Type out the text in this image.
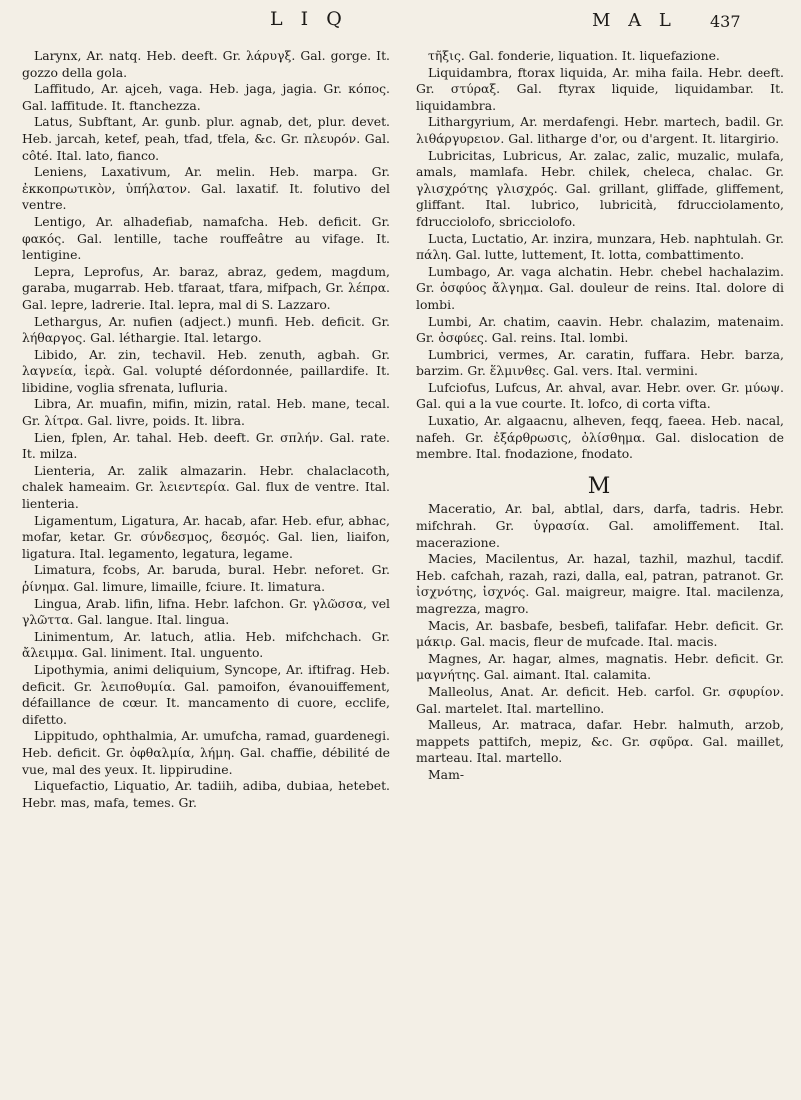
L I Q	M A L 437

Larynx, Ar. natq. Heb. deeft. Gr. λάρυγξ. Gal. gorge. It. gozzo della gola.

Laffitudo, Ar. ajceh, vaga. Heb. jaga, jagia. Gr. κόπος. Gal. laffitude. It. ftanchezza.

Latus, Subftant, Ar. gunb. plur. agnab, det, plur. devet. Heb. jarcah, ketef, peah, tfad, tfela, &c. Gr. πλευρόν. Gal. côté. Ital. lato, fianco.

Leniens, Laxativum, Ar. melin. Heb. marpa. Gr. ἐκκοπρωτικὸν, ὑπήλατον. Gal. laxatif. It. folutivo del ventre.

Lentigo, Ar. alhadefiab, namafcha. Heb. deficit. Gr. φακός. Gal. lentille, tache rouffeâtre au vifage. It. lentigine.

Lepra, Leprofus, Ar. baraz, abraz, gedem, magdum, garaba, mugarrab. Heb. tfaraat, tfara, mifpach, Gr. λέπρα. Gal. lepre, ladrerie. Ital. lepra, mal di S. Lazzaro.

Lethargus, Ar. nufien (adject.) munfi. Heb. deficit. Gr. λήθαργος. Gal. léthargie. Ital. letargo.

Libido, Ar. zin, techavil. Heb. zenuth, agbah. Gr. λαγνεία, ἱερὰ. Gal. volupté déſordonnée, paillardife. It. libidine, voglia sfrenata, lufluria.

Libra, Ar. muafin, mifin, mizin, ratal. Heb. mane, tecal. Gr. λίτρα. Gal. livre, poids. It. libra.

Lien, fplen, Ar. tahal. Heb. deeft. Gr. σπλήν. Gal. rate. It. milza.

Lienteria, Ar. zalik almazarin. Hebr. chalaclacoth, chalek hameaim. Gr. λειεντερία. Gal. flux de ventre. Ital. lienteria.

Ligamentum, Ligatura, Ar. hacab, afar. Heb. efur, abhac, mofar, ketar. Gr. σύνδεσμος, δεσμός. Gal. lien, liaifon, ligatura. Ital. legamento, legatura, legame.

Limatura, fcobs, Ar. baruda, bural. Hebr. neforet. Gr. ῥίνημα. Gal. limure, limaille, fciure. It. limatura.

Lingua, Arab. lifin, lifna. Hebr. lafchon. Gr. γλῶσσα, vel γλῶττα. Gal. langue. Ital. lingua.

Linimentum, Ar. latuch, atlia. Heb. mifchchach. Gr. ἄλειμμα. Gal. liniment. Ital. unguento.

Lipothymia, animi deliquium, Syncope, Ar. iftifrag. Heb. deficit. Gr. λειποθυμία. Gal. pamoifon, évanouiffement, défaillance de cœur. It. mancamento di cuore, ecclife, difetto.

Lippitudo, ophthalmia, Ar. umufcha, ramad, guardenegi. Heb. deficit. Gr. ὀφθαλμία, λήμη. Gal. chaffie, débilité de vue, mal des yeux. It. lippirudine.

Liquefactio, Liquatio, Ar. tadiih, adiba, dubiaa, hetebet. Hebr. mas, mafa, temes. Gr.

τῆξις. Gal. fonderie, liquation. It. liquefazione.

Liquidambra, ftorax liquida, Ar. miha faila. Hebr. deeft. Gr. στύραξ. Gal. ftyrax liquide, liquidambar. It. liquidambra.

Lithargyrium, Ar. merdafengi. Hebr. martech, badil. Gr. λιθάργυρειον. Gal. litharge d'or, ou d'argent. It. litargirio.

Lubricitas, Lubricus, Ar. zalac, zalic, muzalic, mulafa, amals, mamlafa. Hebr. chilek, cheleca, chalac. Gr. γλισχρότης γλισχρός. Gal. grillant, gliffade, gliffement, gliffant. Ital. lubrico, lubricità, fdrucciolamento, fdrucciolofo, sbricciolofo.

Lucta, Luctatio, Ar. inzira, munzara, Heb. naphtulah. Gr. πάλη. Gal. lutte, luttement, It. lotta, combattimento.

Lumbago, Ar. vaga alchatin. Hebr. chebel hachalazim. Gr. ὀσφύος ἄλγημα. Gal. douleur de reins. Ital. dolore di lombi.

Lumbi, Ar. chatim, caavin. Hebr. chalazim, matenaim. Gr. ὀσφύες. Gal. reins. Ital. lombi.

Lumbrici, vermes, Ar. caratin, fuffara. Hebr. barza, barzim. Gr. ἕλμινθες. Gal. vers. Ital. vermini.

Lufciofus, Lufcus, Ar. ahval, avar. Hebr. over. Gr. μύωψ. Gal. qui a la vue courte. It. lofco, di corta vifta.

Luxatio, Ar. algaacnu, alheven, feqq, faeea. Heb. nacal, nafeh. Gr. ἐξάρθρωσις, ὀλίσθημα. Gal. dislocation de membre. Ital. fnodazione, fnodato.

M

Maceratio, Ar. bal, abtlal, dars, darfa, tadris. Hebr. mifchrah. Gr. ὑγρασία. Gal. amoliffement. Ital. macerazione.

Macies, Macilentus, Ar. hazal, tazhil, mazhul, tacdif. Heb. cafchah, razah, razi, dalla, eal, patran, patranot. Gr. ἰσχνότης, ἰσχνός. Gal. maigreur, maigre. Ital. macilenza, magrezza, magro.

Macis, Ar. basbafe, besbefi, talifafar. Hebr. deficit. Gr. μάκιρ. Gal. macis, fleur de mufcade. Ital. macis.

Magnes, Ar. hagar, almes, magnatis. Hebr. deficit. Gr. μαγνήτης. Gal. aimant. Ital. calamita.

Malleolus, Anat. Ar. deficit. Heb. carfol. Gr. σφυρίον. Gal. martelet. Ital. martellino.

Malleus, Ar. matraca, dafar. Hebr. halmuth, arzob, mappets pattifch, mepiz, &c. Gr. σφῦρα. Gal. maillet, marteau. Ital. martello.

Mam-
